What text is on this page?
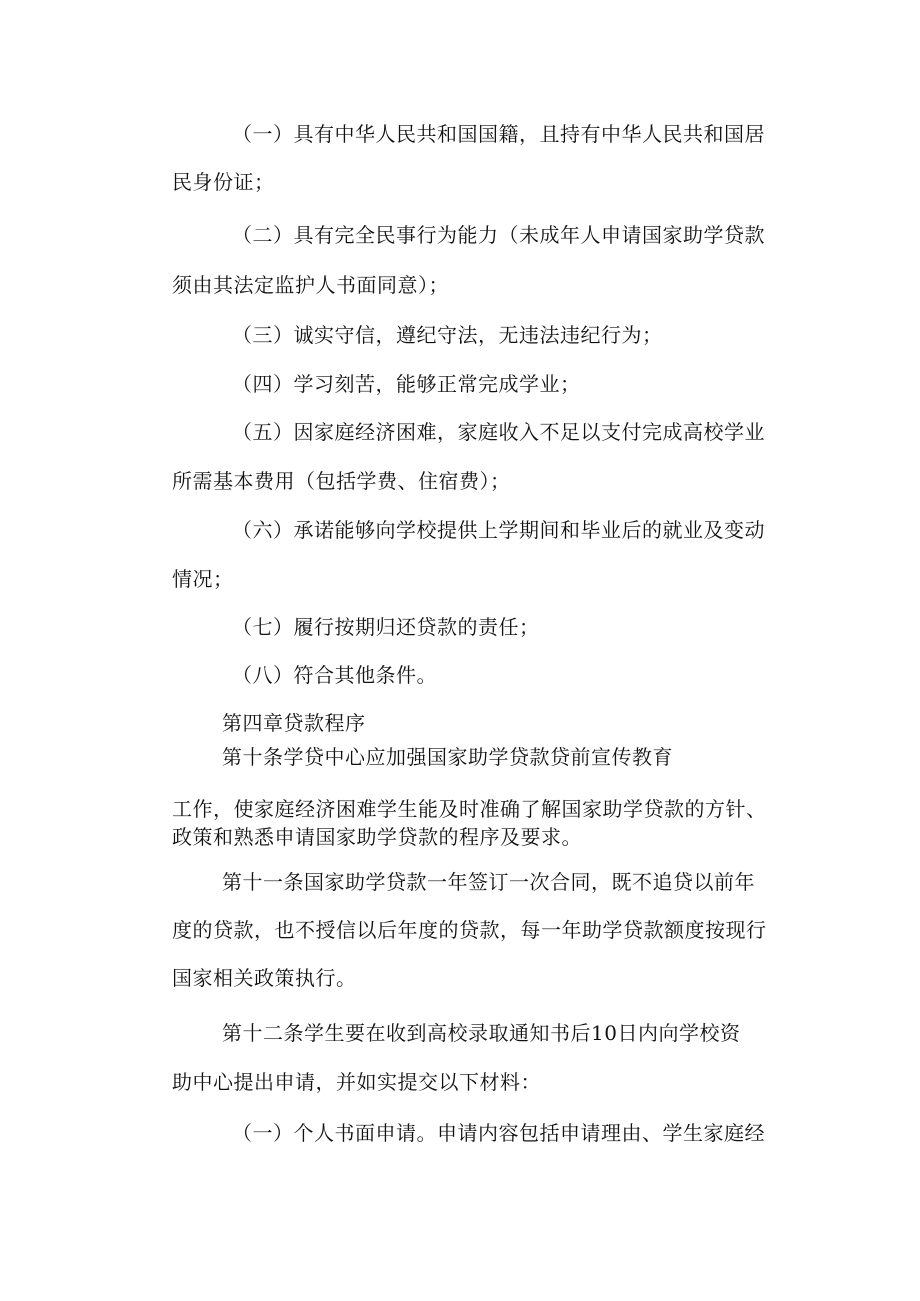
（一）具有中华人民共和国国籍，且持有中华人民共和国居
民身份证；
（二）具有完全民事行为能力（未成年人申请国家助学贷款
须由其法定监护人书面同意）；
（三）诚实守信，遵纪守法，无违法违纪行为；
（四）学习刻苦，能够正常完成学业；
（五）因家庭经济困难，家庭收入不足以支付完成高校学业
所需基本费用（包括学费、住宿费）；
（六）承诺能够向学校提供上学期间和毕业后的就业及变动
情况；
（七）履行按期归还贷款的责任；
（八）符合其他条件。
第四章贷款程序
第十条学贷中心应加强国家助学贷款贷前宣传教育
工作，使家庭经济困难学生能及时准确了解国家助学贷款的方针、
政策和熟悉申请国家助学贷款的程序及要求。
第十一条国家助学贷款一年签订一次合同，既不追贷以前年
度的贷款，也不授信以后年度的贷款，每一年助学贷款额度按现行
国家相关政策执行。
第十二条学生要在收到高校录取通知书后10日内向学校资
助中心提出申请，并如实提交以下材料：
（一）个人书面申请。申请内容包括申请理由、学生家庭经
